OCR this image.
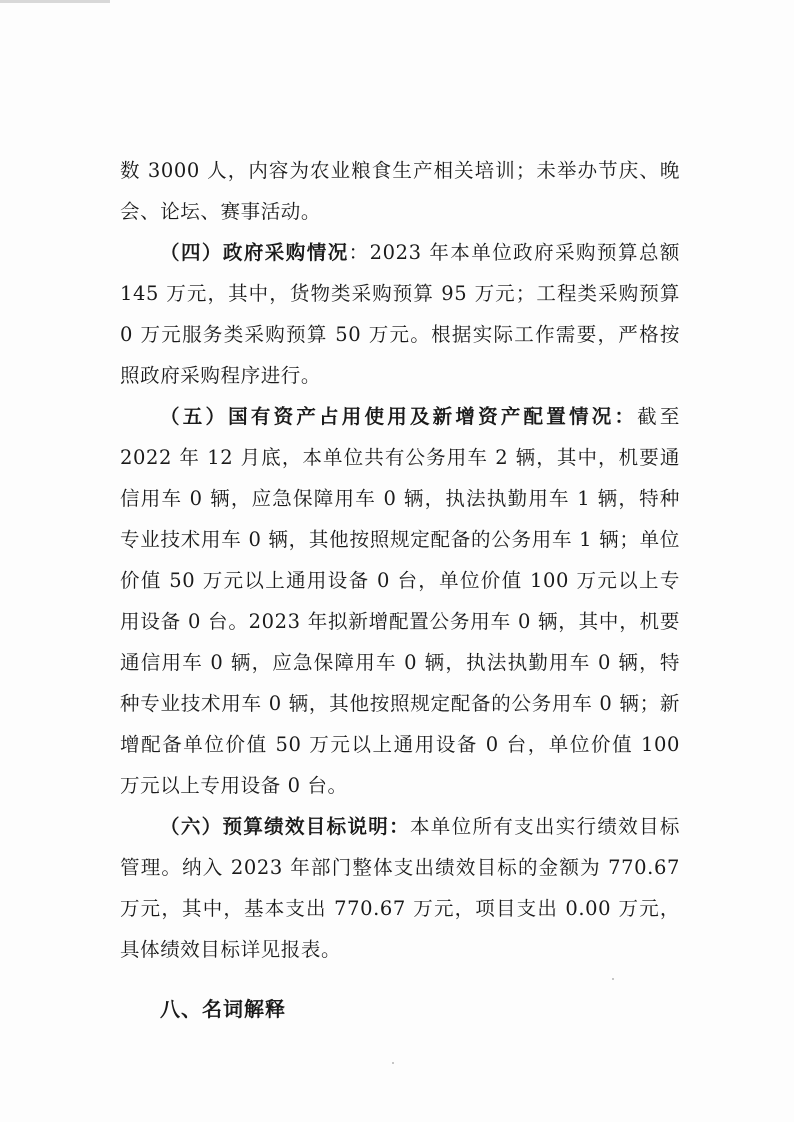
数 3000 人，内容为农业粮食生产相关培训；未举办节庆、晚会、论坛、赛事活动。

（四）政府采购情况：2023 年本单位政府采购预算总额 145 万元，其中，货物类采购预算 95 万元；工程类采购预算 0 万元服务类采购预算 50 万元。根据实际工作需要，严格按照政府采购程序进行。

（五）国有资产占用使用及新增资产配置情况：截至 2022 年 12 月底，本单位共有公务用车 2 辆，其中，机要通信用车 0 辆，应急保障用车 0 辆，执法执勤用车 1 辆，特种专业技术用车 0 辆，其他按照规定配备的公务用车 1 辆；单位价值 50 万元以上通用设备 0 台，单位价值 100 万元以上专用设备 0 台。2023 年拟新增配置公务用车 0 辆，其中，机要通信用车 0 辆，应急保障用车 0 辆，执法执勤用车 0 辆，特种专业技术用车 0 辆，其他按照规定配备的公务用车 0 辆；新增配备单位价值 50 万元以上通用设备 0 台，单位价值 100 万元以上专用设备 0 台。

（六）预算绩效目标说明：本单位所有支出实行绩效目标管理。纳入 2023 年部门整体支出绩效目标的金额为 770.67 万元，其中，基本支出 770.67 万元，项目支出 0.00 万元，具体绩效目标详见报表。

八、名词解释
